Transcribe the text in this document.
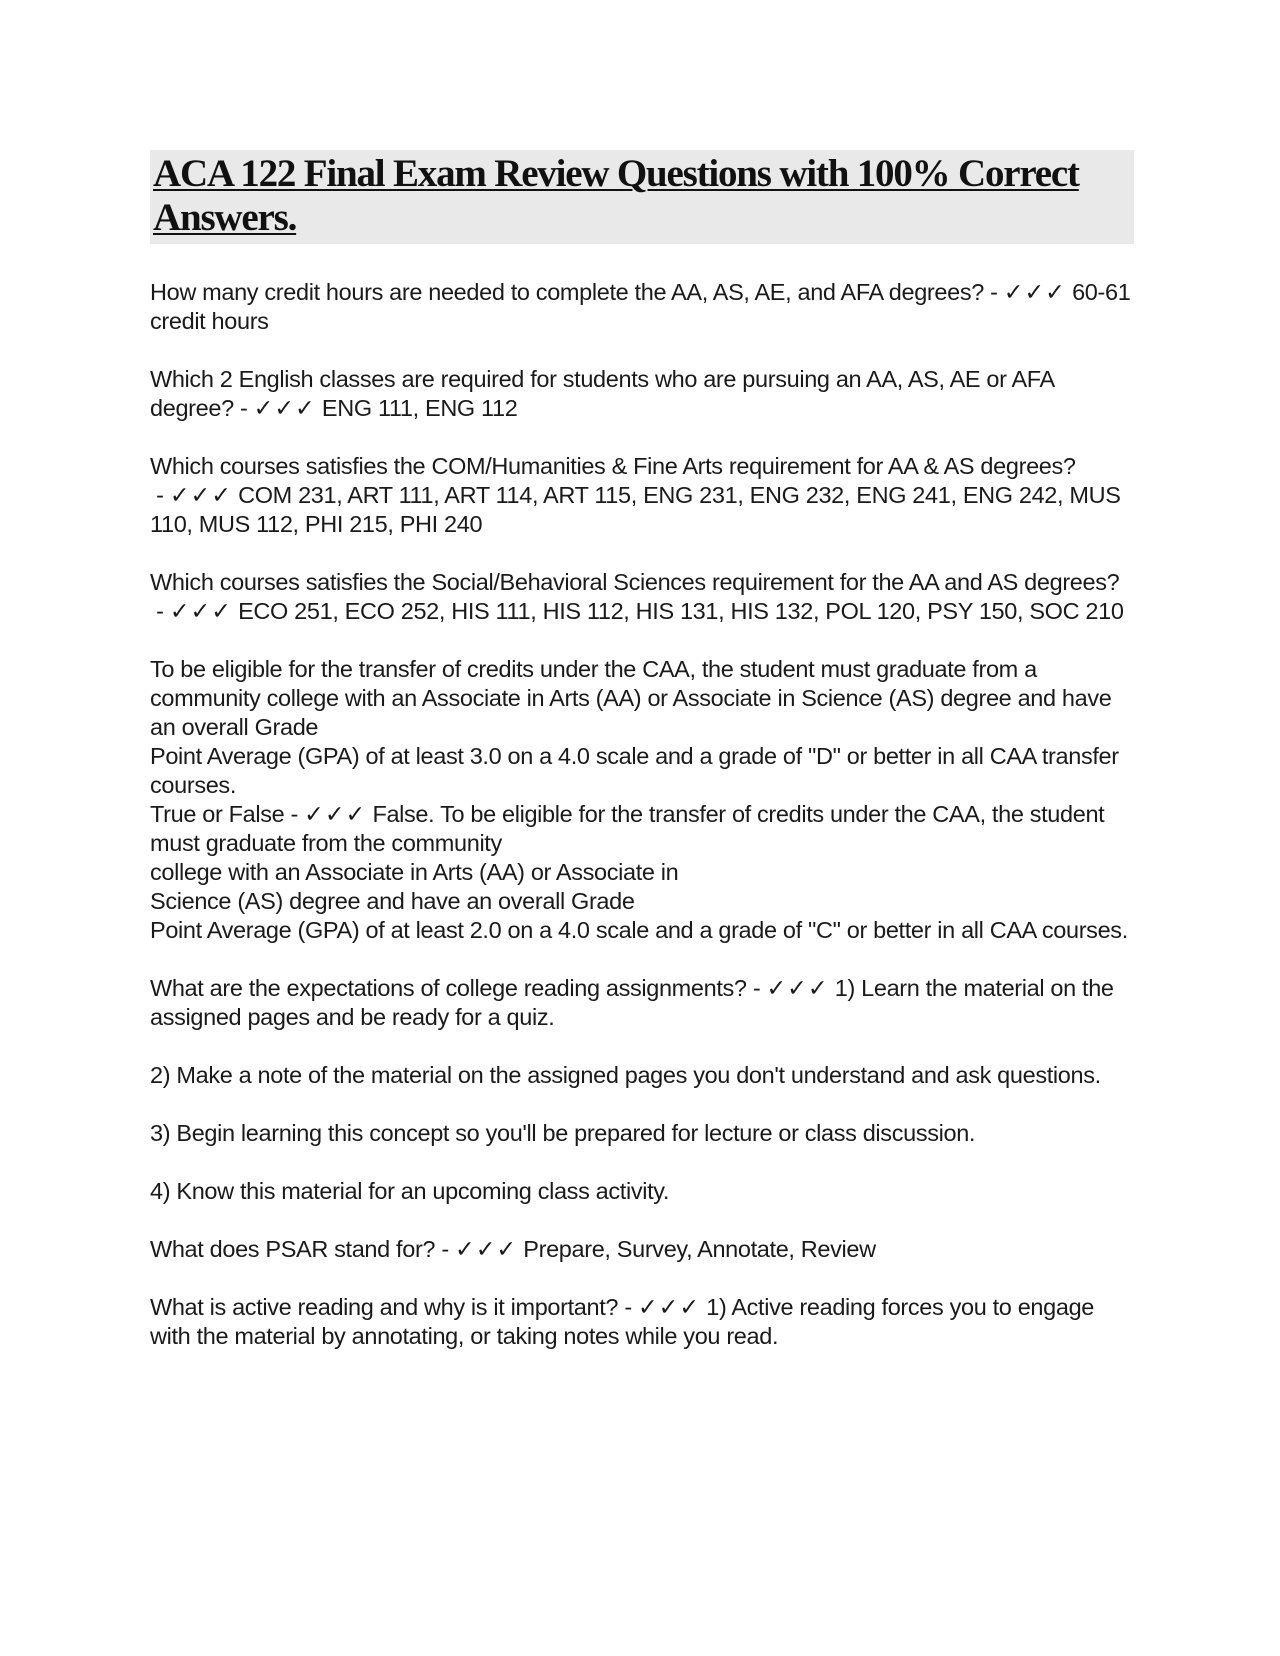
ACA 122 Final Exam Review Questions with 100% Correct Answers.

How many credit hours are needed to complete the AA, AS, AE, and AFA degrees? - ✓✓✓ 60-61 credit hours

Which 2 English classes are required for students who are pursuing an AA, AS, AE or AFA degree? - ✓✓✓ ENG 111, ENG 112

Which courses satisfies the COM/Humanities & Fine Arts requirement for AA & AS degrees? - ✓✓✓ COM 231, ART 111, ART 114, ART 115, ENG 231, ENG 232, ENG 241, ENG 242, MUS 110, MUS 112, PHI 215, PHI 240

Which courses satisfies the Social/Behavioral Sciences requirement for the AA and AS degrees? - ✓✓✓ ECO 251, ECO 252, HIS 111, HIS 112, HIS 131, HIS 132, POL 120, PSY 150, SOC 210

To be eligible for the transfer of credits under the CAA, the student must graduate from a community college with an Associate in Arts (AA) or Associate in Science (AS) degree and have an overall Grade
Point Average (GPA) of at least 3.0 on a 4.0 scale and a grade of "D" or better in all CAA transfer courses.
True or False - ✓✓✓ False. To be eligible for the transfer of credits under the CAA, the student must graduate from the community
college with an Associate in Arts (AA) or Associate in
Science (AS) degree and have an overall Grade
Point Average (GPA) of at least 2.0 on a 4.0 scale and a grade of "C" or better in all CAA courses.

What are the expectations of college reading assignments? - ✓✓✓ 1) Learn the material on the assigned pages and be ready for a quiz.

2) Make a note of the material on the assigned pages you don't understand and ask questions.

3) Begin learning this concept so you'll be prepared for lecture or class discussion.

4) Know this material for an upcoming class activity.

What does PSAR stand for? - ✓✓✓ Prepare, Survey, Annotate, Review

What is active reading and why is it important? - ✓✓✓ 1) Active reading forces you to engage with the material by annotating, or taking notes while you read.
